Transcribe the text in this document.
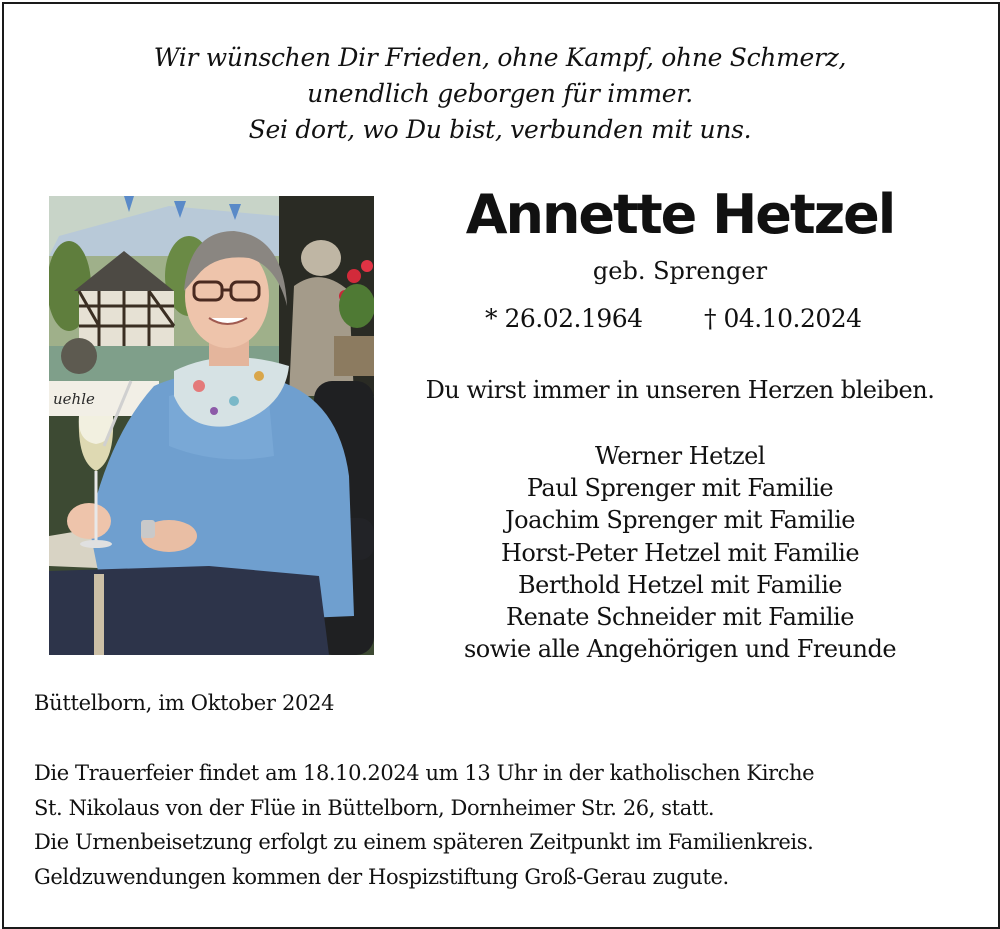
Wir wünschen Dir Frieden, ohne Kampf, ohne Schmerz,
unendlich geborgen für immer.
Sei dort, wo Du bist, verbunden mit uns.
uehle
Annette Hetzel
geb. Sprenger
* 26.02.1964 † 04.10.2024
Du wirst immer in unseren Herzen bleiben.
Werner Hetzel
Paul Sprenger mit Familie
Joachim Sprenger mit Familie
Horst-Peter Hetzel mit Familie
Berthold Hetzel mit Familie
Renate Schneider mit Familie
sowie alle Angehörigen und Freunde
Büttelborn, im Oktober 2024
Die Trauerfeier findet am 18.10.2024 um 13 Uhr in der katholischen Kirche
St. Nikolaus von der Flüe in Büttelborn, Dornheimer Str. 26, statt.
Die Urnenbeisetzung erfolgt zu einem späteren Zeitpunkt im Familienkreis.
Geldzuwendungen kommen der Hospizstiftung Groß-Gerau zugute.
